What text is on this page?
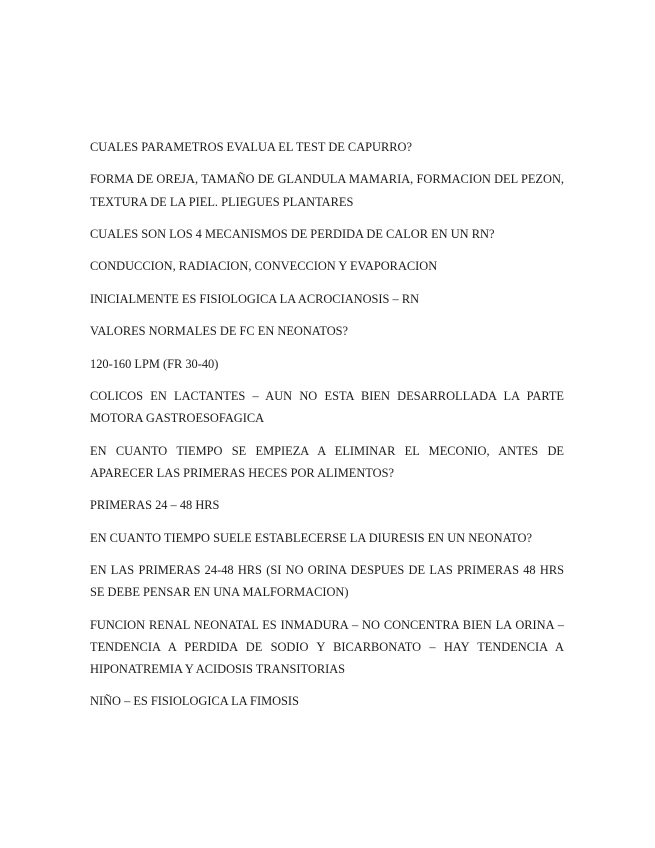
CUALES PARAMETROS EVALUA EL TEST DE CAPURRO?

FORMA DE OREJA, TAMAÑO DE GLANDULA MAMARIA, FORMACION DEL PEZON, TEXTURA DE LA PIEL. PLIEGUES PLANTARES

CUALES SON LOS 4 MECANISMOS DE PERDIDA DE CALOR EN UN RN?

CONDUCCION, RADIACION, CONVECCION Y EVAPORACION

INICIALMENTE ES FISIOLOGICA LA ACROCIANOSIS – RN

VALORES NORMALES DE FC EN NEONATOS?

120-160 LPM (FR 30-40)

COLICOS EN LACTANTES – AUN NO ESTA BIEN DESARROLLADA LA PARTE MOTORA GASTROESOFAGICA

EN CUANTO TIEMPO SE EMPIEZA A ELIMINAR EL MECONIO, ANTES DE APARECER LAS PRIMERAS HECES POR ALIMENTOS?

PRIMERAS 24 – 48 HRS

EN CUANTO TIEMPO SUELE ESTABLECERSE LA DIURESIS EN UN NEONATO?

EN LAS PRIMERAS 24-48 HRS (SI NO ORINA DESPUES DE LAS PRIMERAS 48 HRS SE DEBE PENSAR EN UNA MALFORMACION)

FUNCION RENAL NEONATAL ES INMADURA – NO CONCENTRA BIEN LA ORINA – TENDENCIA A PERDIDA DE SODIO Y BICARBONATO – HAY TENDENCIA A HIPONATREMIA Y ACIDOSIS TRANSITORIAS

NIÑO – ES FISIOLOGICA LA FIMOSIS
